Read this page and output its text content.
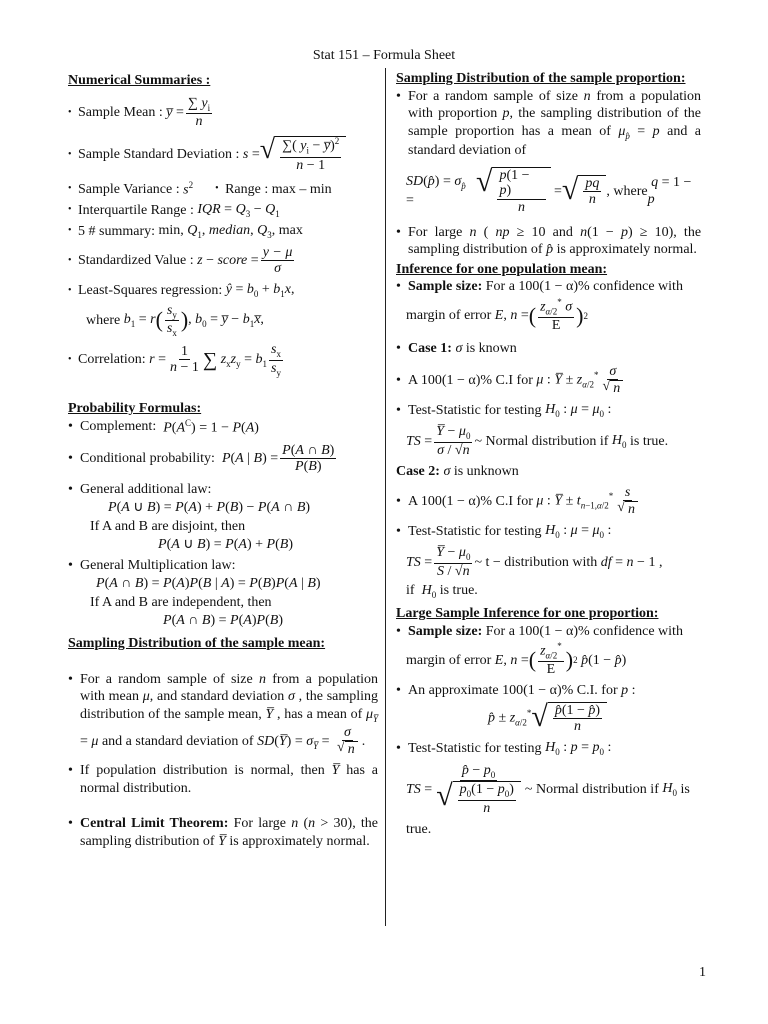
Stat 151 – Formula Sheet

Numerical Summaries :

• Sample Mean : y̅ = $\frac{\sum y_i}{n}$
• Sample Standard Deviation : s = √ $\frac{\sum( y_i - y̅)^2}{n - 1}$
• Sample Variance : $s^2$ • Range : max – min
• Interquartile Range : IQR = $Q_3 - Q_1$
• 5 # summary: min, $Q_1$, median, $Q_3$, max
• Standardized Value : z − score = $\frac{y - \mu}{\sigma}$
• Least-Squares regression: ŷ = $b_0 + b_1x$,
where $b_1 = r$ ( $\frac{s_y}{s_x}$ ) , $b_0$ = y̅ − $b_1x̅$,
• Correlation: $r = \frac{1}{n - 1}$ ∑ $z_xz_y = b_1 \frac{s_x}{s_y}$

Probability Formulas:

• Complement: $P(A^C) = 1 - P(A)$
• Conditional probability: P(A | $B) = \frac{P(A \cap B)}{P(B)}$
• General additional law:
P(A ∪ B) = P(A) + P(B) − P(A ∩ B)
If A and B are disjoint, then
P(A ∪ B) = P(A) + P(B)
• General Multiplication law:
P(A ∩ B) = P(A)P(B | A) = P(B)P(A | B)
If A and B are independent, then
P(A ∩ B) = P(A)P(B)

Sampling Distribution of the sample mean:

• For a random sample of size n from a population with mean μ, and standard deviation σ , the sampling distribution of the sample mean, Y̅ , has a mean of $\mu_{Y̅} = \mu$ and a standard deviation of SD(Y̅) = $\sigma_{Y̅} = \frac{\sigma}{√ n}$ .
• If population distribution is normal, then Y̅ has a normal distribution.
• Central Limit Theorem: For large n (n > 30), the sampling distribution of Y̅ is approximately normal.

Sampling Distribution of the sample proportion:

• For a random sample of size n from a population with proportion p, the sampling distribution of the sample proportion has a mean of $\mu_{p̂} = p$ and a standard deviation of
SD(p̂) = $\sigma_{p̂}$ =
√ $\frac{p(1 - p)}{n}$ = √ $\frac{pq}{n}$ , where
q = 1 − p
• For large n ( np ≥ 10 and n(1 − p) ≥ 10), the sampling distribution of p̂ is approximately normal.

Inference for one population mean:

• Sample size:
For a 100(1 − α)% confidence with
margin of error E, n = ( $\frac{z_{\alpha/2}^* \sigma}{E}$ ) 2
• Case 1: σ is known
• A 100(1 − α)% C.I for μ : Y̅ ± $z_{\alpha/2}^* \frac{\sigma}{√ n}$
• Test-Statistic for testing $H_0$ : $\mu = \mu_0$ :
TS = $\frac{Y̅ - \mu_0}{\sigma / √n}$ ~ Normal distribution if $H_0$ is true.
Case 2: σ is unknown
• A 100(1 − α)% C.I for μ : Y̅ ± $t_{n-1,\alpha/2}^* \frac{s}{√ n}$
• Test-Statistic for testing $H_0$ : $\mu = \mu_0$ :
TS = $\frac{Y̅ - \mu_0}{S / √n}$ ~ t − distribution with df = n − 1 ,
if $H_0$ is true.

Large Sample Inference for one proportion:

• Sample size:
For a 100(1 − α)% confidence with
margin of error E, n = ( $\frac{z_{\alpha/2}^*}{E}$ ) 2 p̂(1 − p̂)
• An approximate 100(1 − α)% C.I. for p :
p̂ ± $z_{\alpha/2}^*$ √ $\frac{p̂(1 - p̂)}{n}$
• Test-Statistic for testing $H_0$ : $p = p_0$ :
TS = $\frac{p̂ - p_0}{√ \frac{p_0(1 - p_0)}{n}}$ ~ Normal distribution if $H_0$ is
true.
1
